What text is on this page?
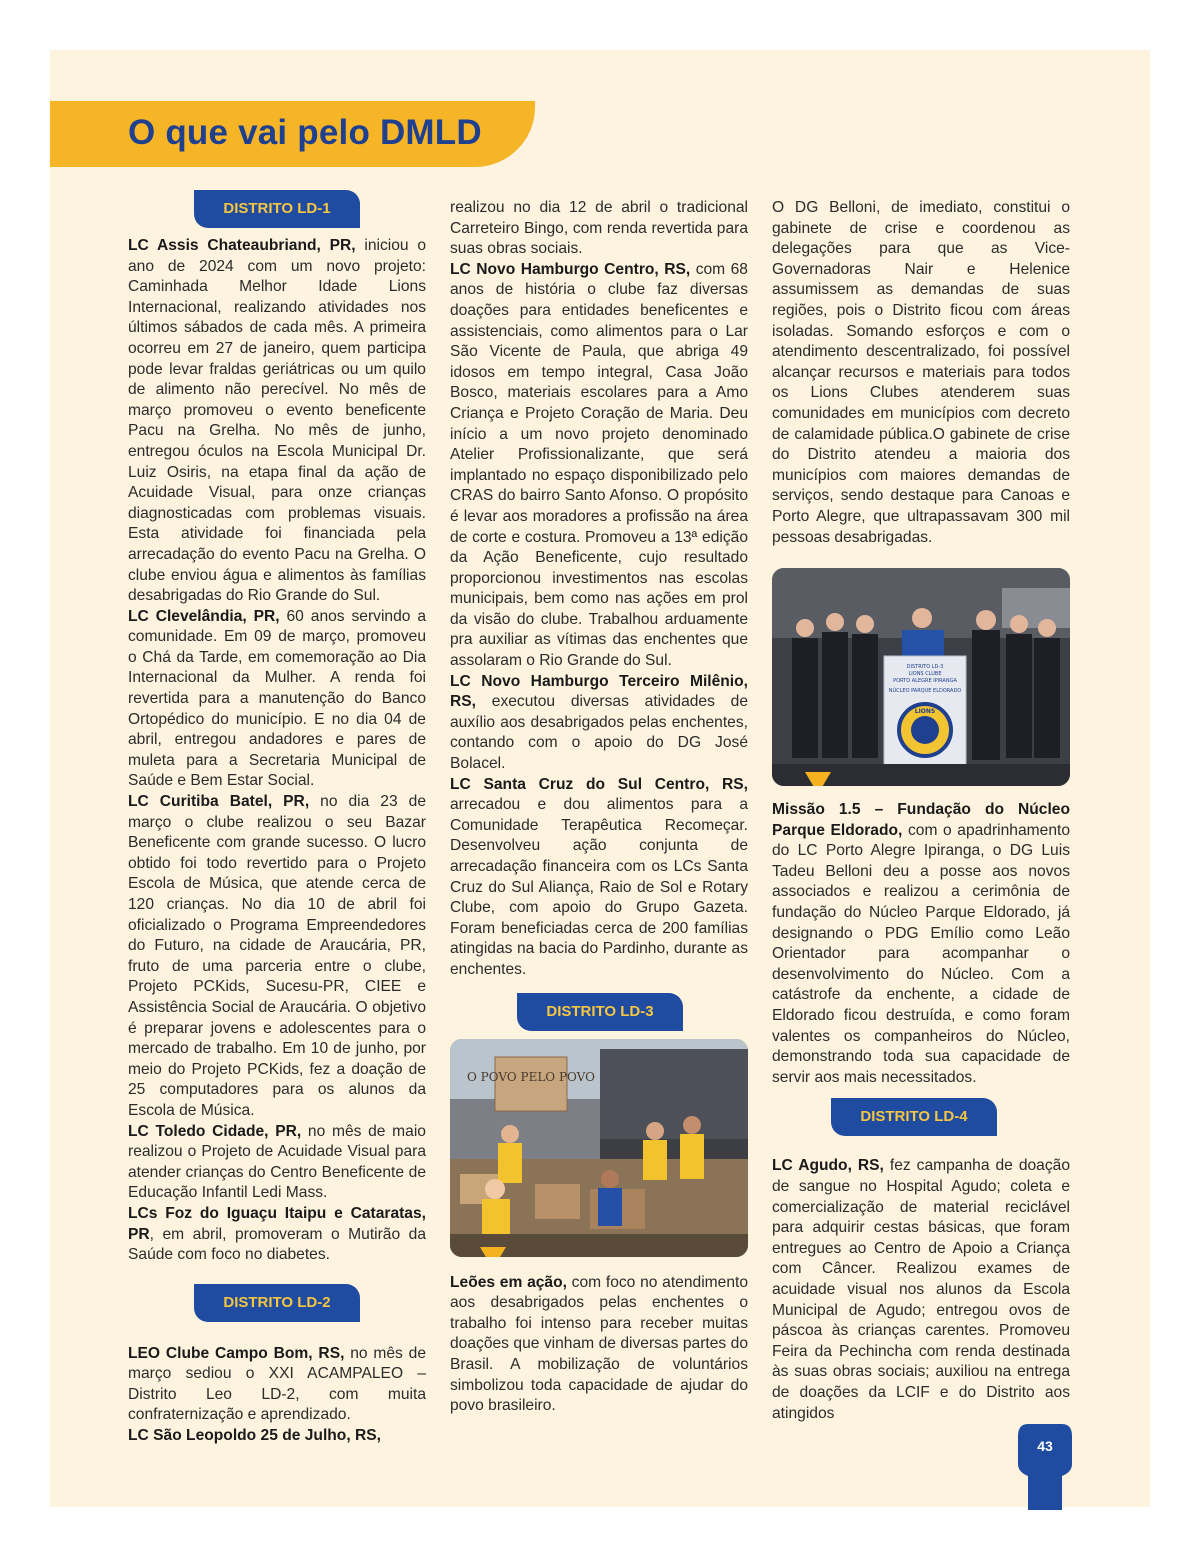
O que vai pelo DMLD
DISTRITO LD-1

LC Assis Chateaubriand, PR, iniciou o ano de 2024 com um novo projeto: Caminhada Melhor Idade Lions Internacional, realizando atividades nos últimos sábados de cada mês. A primeira ocorreu em 27 de janeiro, quem participa pode levar fraldas geriátricas ou um quilo de alimento não perecível. No mês de março promoveu o evento beneficente Pacu na Grelha. No mês de junho, entregou óculos na Escola Municipal Dr. Luiz Osiris, na etapa final da ação de Acuidade Visual, para onze crianças diagnosticadas com problemas visuais. Esta atividade foi financiada pela arrecadação do evento Pacu na Grelha. O clube enviou água e alimentos às famílias desabrigadas do Rio Grande do Sul.

LC Clevelândia, PR, 60 anos servindo a comunidade. Em 09 de março, promoveu o Chá da Tarde, em comemoração ao Dia Internacional da Mulher. A renda foi revertida para a manutenção do Banco Ortopédico do município. E no dia 04 de abril, entregou andadores e pares de muleta para a Secretaria Municipal de Saúde e Bem Estar Social.

LC Curitiba Batel, PR, no dia 23 de março o clube realizou o seu Bazar Beneficente com grande sucesso. O lucro obtido foi todo revertido para o Projeto Escola de Música, que atende cerca de 120 crianças. No dia 10 de abril foi oficializado o Programa Empreendedores do Futuro, na cidade de Araucária, PR, fruto de uma parceria entre o clube, Projeto PCKids, Sucesu-PR, CIEE e Assistência Social de Araucária. O objetivo é preparar jovens e adolescentes para o mercado de trabalho. Em 10 de junho, por meio do Projeto PCKids, fez a doação de 25 computadores para os alunos da Escola de Música.

LC Toledo Cidade, PR, no mês de maio realizou o Projeto de Acuidade Visual para atender crianças do Centro Beneficente de Educação Infantil Ledi Mass.

LCs Foz do Iguaçu Itaipu e Cataratas, PR, em abril, promoveram o Mutirão da Saúde com foco no diabetes.

DISTRITO LD-2

LEO Clube Campo Bom, RS, no mês de março sediou o XXI ACAMPALEO – Distrito Leo LD-2, com muita confraternização e aprendizado.

LC São Leopoldo 25 de Julho, RS,

realizou no dia 12 de abril o tradicional Carreteiro Bingo, com renda revertida para suas obras sociais.

LC Novo Hamburgo Centro, RS, com 68 anos de história o clube faz diversas doações para entidades beneficentes e assistenciais, como alimentos para o Lar São Vicente de Paula, que abriga 49 idosos em tempo integral, Casa João Bosco, materiais escolares para a Amo Criança e Projeto Coração de Maria. Deu início a um novo projeto denominado Atelier Profissionalizante, que será implantado no espaço disponibilizado pelo CRAS do bairro Santo Afonso. O propósito é levar aos moradores a profissão na área de corte e costura. Promoveu a 13ª edição da Ação Beneficente, cujo resultado proporcionou investimentos nas escolas municipais, bem como nas ações em prol da visão do clube. Trabalhou arduamente pra auxiliar as vítimas das enchentes que assolaram o Rio Grande do Sul.

LC Novo Hamburgo Terceiro Milênio, RS, executou diversas atividades de auxílio aos desabrigados pelas enchentes, contando com o apoio do DG José Bolacel.

LC Santa Cruz do Sul Centro, RS, arrecadou e dou alimentos para a Comunidade Terapêutica Recomeçar. Desenvolveu ação conjunta de arrecadação financeira com os LCs Santa Cruz do Sul Aliança, Raio de Sol e Rotary Clube, com apoio do Grupo Gazeta. Foram beneficiadas cerca de 200 famílias atingidas na bacia do Pardinho, durante as enchentes.

DISTRITO LD-3
O POVO PELO POVO

Leões em ação, com foco no atendimento aos desabrigados pelas enchentes o trabalho foi intenso para receber muitas doações que vinham de diversas partes do Brasil. A mobilização de voluntários simbolizou toda capacidade de ajudar do povo brasileiro.

O DG Belloni, de imediato, constitui o gabinete de crise e coordenou as delegações para que as Vice-Governadoras Nair e Helenice assumissem as demandas de suas regiões, pois o Distrito ficou com áreas isoladas. Somando esforços e com o atendimento descentralizado, foi possível alcançar recursos e materiais para todos os Lions Clubes atenderem suas comunidades em municípios com decreto de calamidade pública.O gabinete de crise do Distrito atendeu a maioria dos municípios com maiores demandas de serviços, sendo destaque para Canoas e Porto Alegre, que ultrapassavam 300 mil pessoas desabrigadas.

DISTRITO LD-3
LIONS CLUBE
PORTO ALEGRE IPIRANGA
NÚCLEO PARQUE ELDORADO
LIONS

Missão 1.5 – Fundação do Núcleo Parque Eldorado, com o apadrinhamento do LC Porto Alegre Ipiranga, o DG Luis Tadeu Belloni deu a posse aos novos associados e realizou a cerimônia de fundação do Núcleo Parque Eldorado, já designando o PDG Emílio como Leão Orientador para acompanhar o desenvolvimento do Núcleo. Com a catástrofe da enchente, a cidade de Eldorado ficou destruída, e como foram valentes os companheiros do Núcleo, demonstrando toda sua capacidade de servir aos mais necessitados.

DISTRITO LD-4

LC Agudo, RS, fez campanha de doação de sangue no Hospital Agudo; coleta e comercialização de material reciclável para adquirir cestas básicas, que foram entregues ao Centro de Apoio a Criança com Câncer. Realizou exames de acuidade visual nos alunos da Escola Municipal de Agudo; entregou ovos de páscoa às crianças carentes. Promoveu Feira da Pechincha com renda destinada às suas obras sociais; auxiliou na entrega de doações da LCIF e do Distrito aos atingidos

43
